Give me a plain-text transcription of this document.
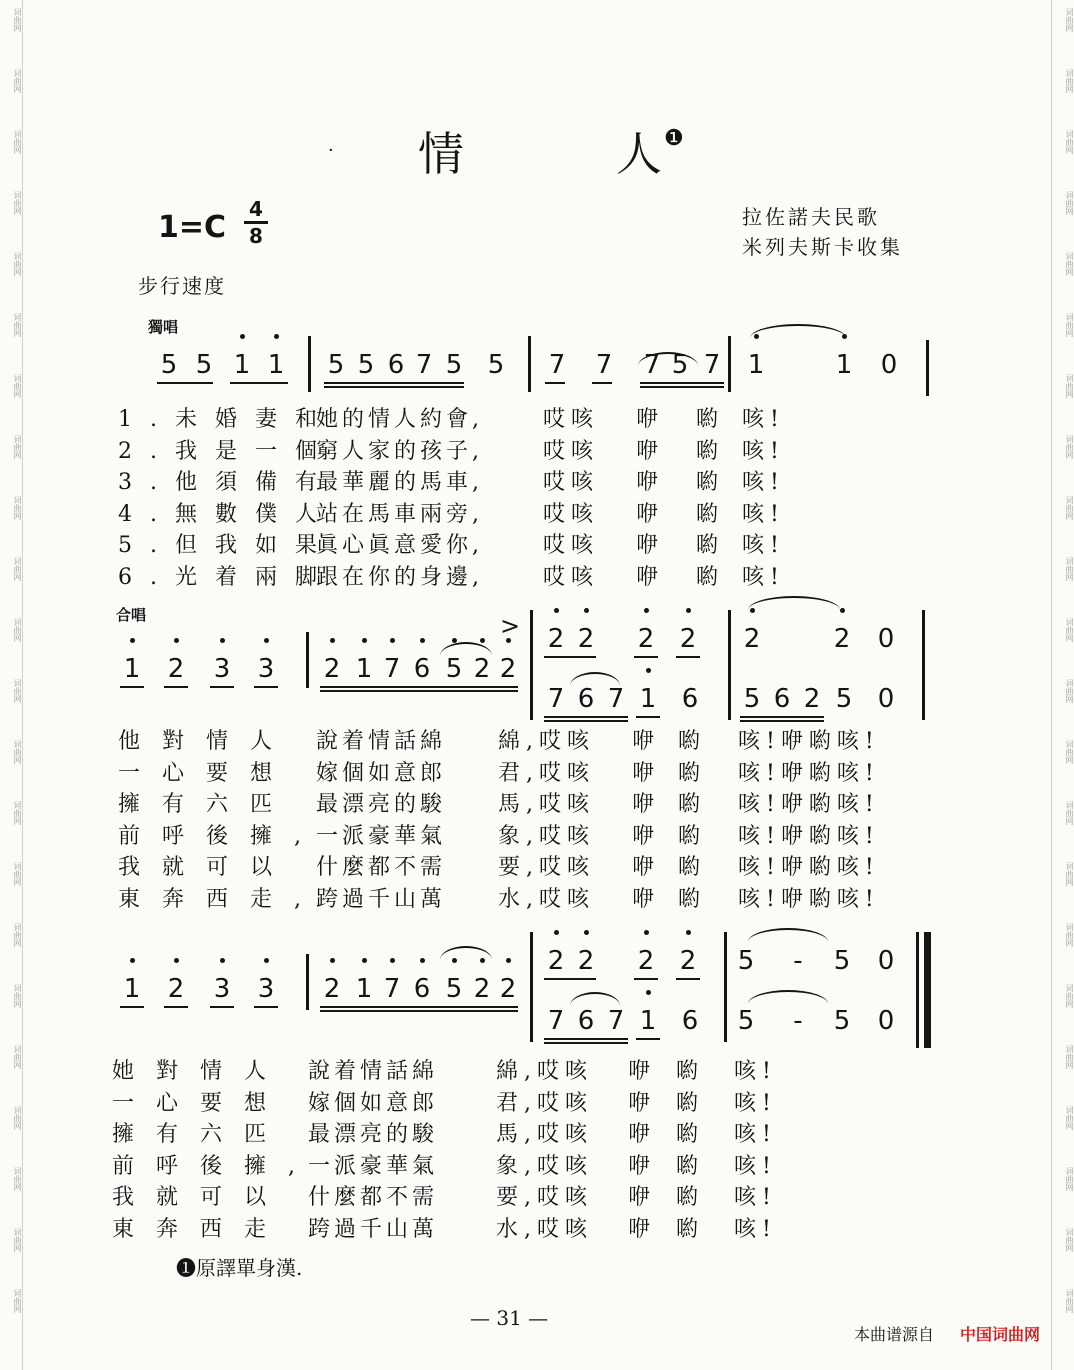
词曲网	词曲网
词曲网	词曲网
词曲网	词曲网
词曲网	词曲网
词曲网	词曲网
词曲网	词曲网
词曲网	词曲网
词曲网	词曲网
词曲网	词曲网
词曲网	词曲网
词曲网	词曲网
词曲网	词曲网
词曲网	词曲网
词曲网	词曲网
词曲网	词曲网
词曲网	词曲网
词曲网	词曲网
词曲网	词曲网
词曲网	词曲网
词曲网	词曲网
词曲网	词曲网
词曲网	词曲网
· 情	人 ❶
1=C
4
8
拉佐諾夫民歌
米列夫斯卡收集
步行速度
獨唱
合唱
5 5 1 1 5 5 6 7 5 5 7 7 7 5 7 1	1 0
1.未婚妻和
她的情人約會,	哎咳 咿 喲 咳!
2.我是一個
窮人家的孩子,	哎咳 咿 喲 咳!
3.他須備有
最華麗的馬車,	哎咳 咿 喲 咳!
4.無數僕人
站在馬車兩旁,	哎咳 咿 喲 咳!
5.但我如果
眞心眞意愛你,	哎咳 咿 喲 咳!
6.光着兩脚
跟在你的身邊,	哎咳 咿 喲 咳!
1 2 3 3 2 1 7 6 5 2 2
> 2 2 2 2 2	2 0
7 6 7 1 6 5 6 2 5 0
他對情人 說着情話綿 綿,哎咳 咿 喲 咳!咿喲咳!
一心要想 嫁個如意郎 君,哎咳 咿 喲 咳!咿喲咳!
擁有六匹 最漂亮的駿 馬,哎咳 咿 喲 咳!咿喲咳!
前呼後擁,
一派豪華氣 象,哎咳 咿 喲 咳!咿喲咳!
我就可以 什麼都不需 要,哎咳 咿 喲 咳!咿喲咳!
東奔西走,
跨過千山萬 水,哎咳 咿 喲 咳!咿喲咳!
1 2 3 3 2 1 7 6 5 2 2
2 2 2 2 5	-	5 0
7 6 7 1 6 5	-	5 0
她對情人 說着情話綿	綿,哎咳 咿 喲 咳!
一心要想 嫁個如意郎	君,哎咳 咿 喲 咳!
擁有六匹 最漂亮的駿	馬,哎咳 咿 喲 咳!
前呼後擁,
一派豪華氣	象,哎咳 咿 喲 咳!
我就可以 什麼都不需	要,哎咳 咿 喲 咳!
東奔西走 跨過千山萬	水,哎咳 咿 喲 咳!
❶原譯單身漢.
— 31 —
本曲谱源自 中国词曲网
